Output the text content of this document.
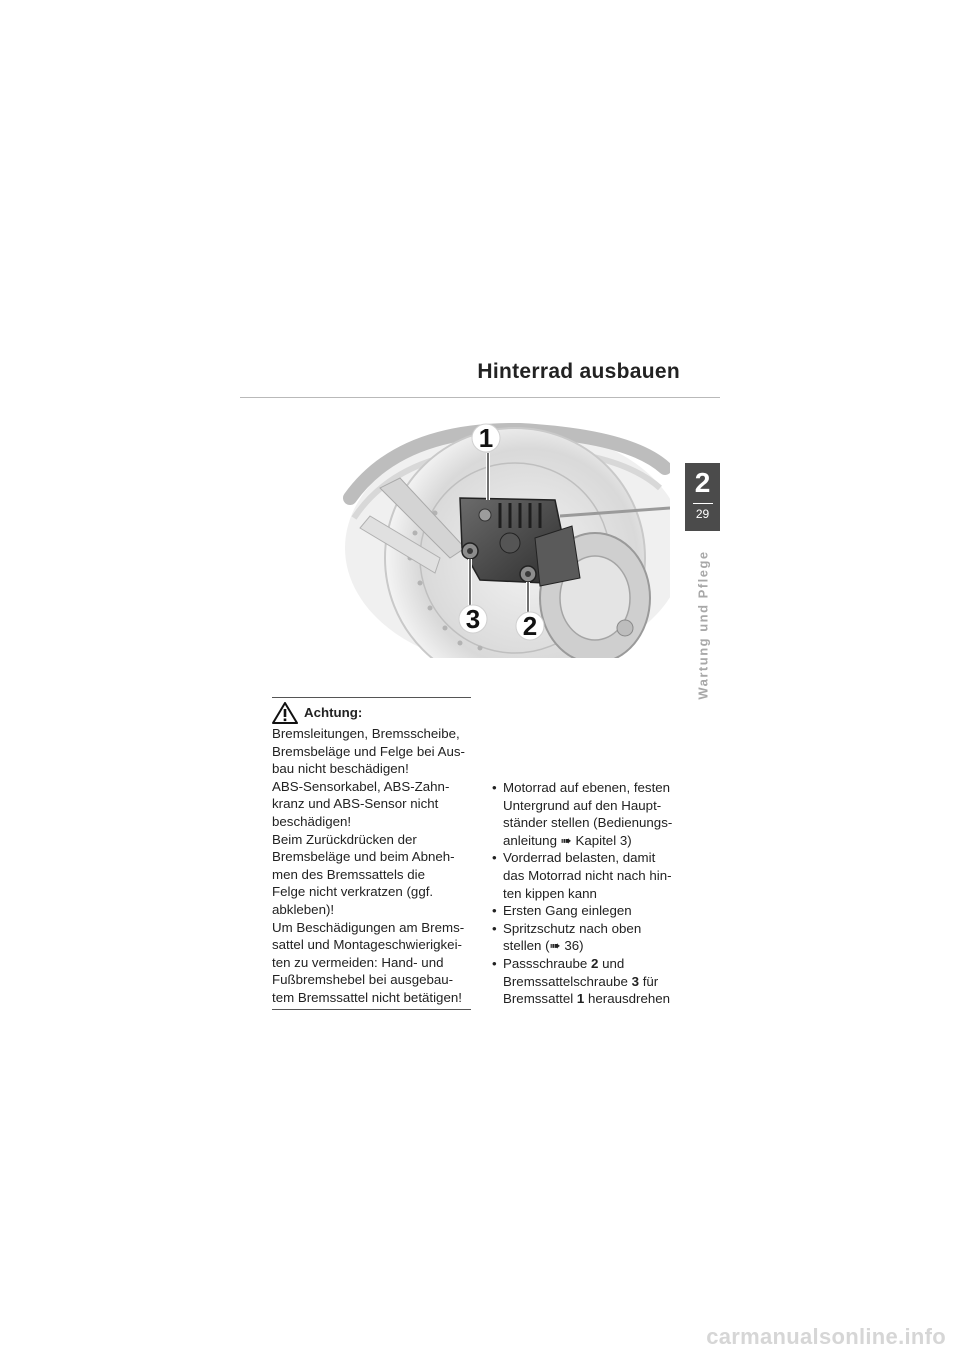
Hinterrad ausbauen
2
29
Wartung und Pflege
1
2
3
Achtung:
Bremsleitungen, Bremsscheibe,
Bremsbeläge und Felge bei Aus-
bau nicht beschädigen!
ABS-Sensorkabel, ABS-Zahn-
kranz und ABS-Sensor nicht
beschädigen!
Beim Zurückdrücken der
Bremsbeläge und beim Abneh-
men des Bremssattels die
Felge nicht verkratzen (ggf.
abkleben)!
Um Beschädigungen am Brems-
sattel und Montageschwierigkei-
ten zu vermeiden: Hand- und
Fußbremshebel bei ausgebau-
tem Bremssattel nicht betätigen!
• Motorrad auf ebenen, festen
Untergrund auf den Haupt-
ständer stellen (Bedienungs-
anleitung ➠ Kapitel 3)
• Vorderrad belasten, damit
das Motorrad nicht nach hin-
ten kippen kann
• Ersten Gang einlegen
• Spritzschutz nach oben
stellen (➠ 36)
• Passschraube 2 und
Bremssattelschraube 3 für
Bremssattel 1 herausdrehen
carmanualsonline.info
